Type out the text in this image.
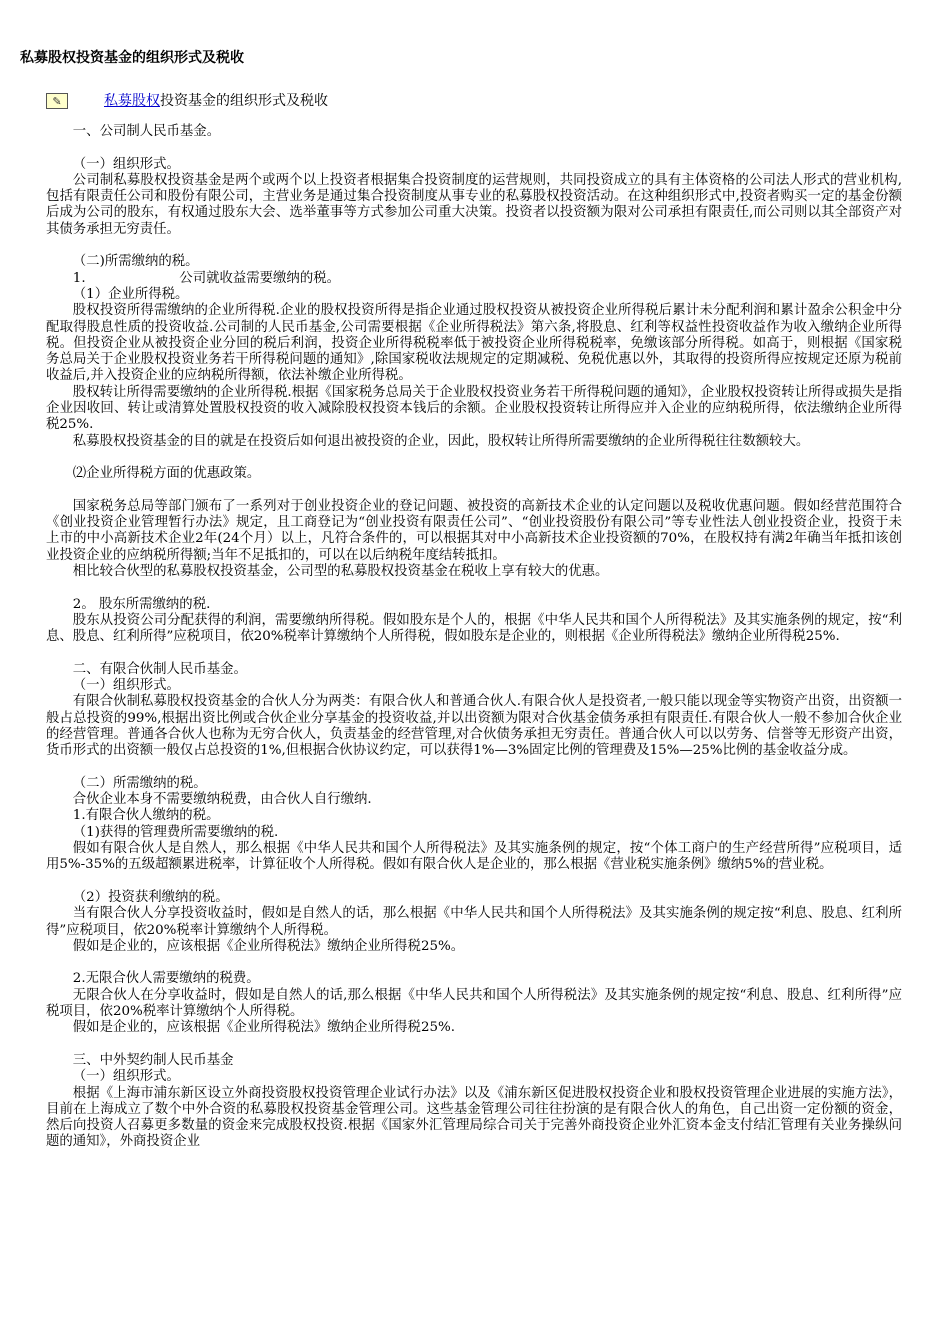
私募股权投资基金的组织形式及税收
✎	私募股权投资基金的组织形式及税收

一、公司制人民币基金。

（一）组织形式。

公司制私募股权投资基金是两个或两个以上投资者根据集合投资制度的运营规则，共同投资成立的具有主体资格的公司法人形式的营业机构,包括有限责任公司和股份有限公司，主营业务是通过集合投资制度从事专业的私募股权投资活动。在这种组织形式中,投资者购买一定的基金份额后成为公司的股东，有权通过股东大会、选举董事等方式参加公司重大决策。投资者以投资额为限对公司承担有限责任,而公司则以其全部资产对其债务承担无穷责任。

（二)所需缴纳的税。

1.　　　　　　　公司就收益需要缴纳的税。

（1）企业所得税。

股权投资所得需缴纳的企业所得税.企业的股权投资所得是指企业通过股权投资从被投资企业所得税后累计未分配利润和累计盈余公积金中分配取得股息性质的投资收益.公司制的人民币基金,公司需要根据《企业所得税法》第六条,将股息、红利等权益性投资收益作为收入缴纳企业所得税。但投资企业从被投资企业分回的税后利润，投资企业所得税税率低于被投资企业所得税税率，免缴该部分所得税。如高于，则根据《国家税务总局关于企业股权投资业务若干所得税问题的通知》,除国家税收法规规定的定期减税、免税优惠以外，其取得的投资所得应按规定还原为税前收益后,并入投资企业的应纳税所得额，依法补缴企业所得税。

股权转让所得需要缴纳的企业所得税.根据《国家税务总局关于企业股权投资业务若干所得税问题的通知》，企业股权投资转让所得或损失是指企业因收回、转让或清算处置股权投资的收入减除股权投资本钱后的余额。企业股权投资转让所得应并入企业的应纳税所得，依法缴纳企业所得税25%.

私募股权投资基金的目的就是在投资后如何退出被投资的企业，因此，股权转让所得所需要缴纳的企业所得税往往数额较大。

⑵企业所得税方面的优惠政策。

国家税务总局等部门颁布了一系列对于创业投资企业的登记问题、被投资的高新技术企业的认定问题以及税收优惠问题。假如经营范围符合《创业投资企业管理暂行办法》规定，且工商登记为“创业投资有限责任公司”、“创业投资股份有限公司”等专业性法人创业投资企业，投资于未上市的中小高新技术企业2年(24个月）以上，凡符合条件的，可以根据其对中小高新技术企业投资额的70%，在股权持有满2年确当年抵扣该创业投资企业的应纳税所得额;当年不足抵扣的，可以在以后纳税年度结转抵扣。

相比较合伙型的私募股权投资基金，公司型的私募股权投资基金在税收上享有较大的优惠。

2。 股东所需缴纳的税.

股东从投资公司分配获得的利润，需要缴纳所得税。假如股东是个人的，根据《中华人民共和国个人所得税法》及其实施条例的规定，按“利息、股息、红利所得”应税项目，依20%税率计算缴纳个人所得税，假如股东是企业的，则根据《企业所得税法》缴纳企业所得税25%.

二、有限合伙制人民币基金。

（一）组织形式。

有限合伙制私募股权投资基金的合伙人分为两类：有限合伙人和普通合伙人.有限合伙人是投资者,一般只能以现金等实物资产出资，出资额一般占总投资的99%,根据出资比例或合伙企业分享基金的投资收益,并以出资额为限对合伙基金债务承担有限责任.有限合伙人一般不参加合伙企业的经营管理。普通各合伙人也称为无穷合伙人，负责基金的经营管理,对合伙债务承担无穷责任。普通合伙人可以以劳务、信誉等无形资产出资，货币形式的出资额一般仅占总投资的1%,但根据合伙协议约定，可以获得1%—3%固定比例的管理费及15%—25%比例的基金收益分成。

（二）所需缴纳的税。

合伙企业本身不需要缴纳税费，由合伙人自行缴纳.

1.有限合伙人缴纳的税。

（1)获得的管理费所需要缴纳的税.

假如有限合伙人是自然人，那么根据《中华人民共和国个人所得税法》及其实施条例的规定，按“个体工商户的生产经营所得”应税项目，适用5%-35%的五级超额累进税率，计算征收个人所得税。假如有限合伙人是企业的，那么根据《营业税实施条例》缴纳5%的营业税。

（2）投资获利缴纳的税。

当有限合伙人分享投资收益时，假如是自然人的话，那么根据《中华人民共和国个人所得税法》及其实施条例的规定按“利息、股息、红利所得”应税项目，依20%税率计算缴纳个人所得税。

假如是企业的，应该根据《企业所得税法》缴纳企业所得税25%。

2.无限合伙人需要缴纳的税费。

无限合伙人在分享收益时，假如是自然人的话,那么根据《中华人民共和国个人所得税法》及其实施条例的规定按“利息、股息、红利所得”应税项目，依20%税率计算缴纳个人所得税。

假如是企业的，应该根据《企业所得税法》缴纳企业所得税25%.

三、中外契约制人民币基金

（一）组织形式。

根据《上海市浦东新区设立外商投资股权投资管理企业试行办法》以及《浦东新区促进股权投资企业和股权投资管理企业进展的实施方法》，目前在上海成立了数个中外合资的私募股权投资基金管理公司。这些基金管理公司往往扮演的是有限合伙人的角色，自己出资一定份额的资金，然后向投资人召募更多数量的资金来完成股权投资.根据《国家外汇管理局综合司关于完善外商投资企业外汇资本金支付结汇管理有关业务操纵问题的通知》，外商投资企业
